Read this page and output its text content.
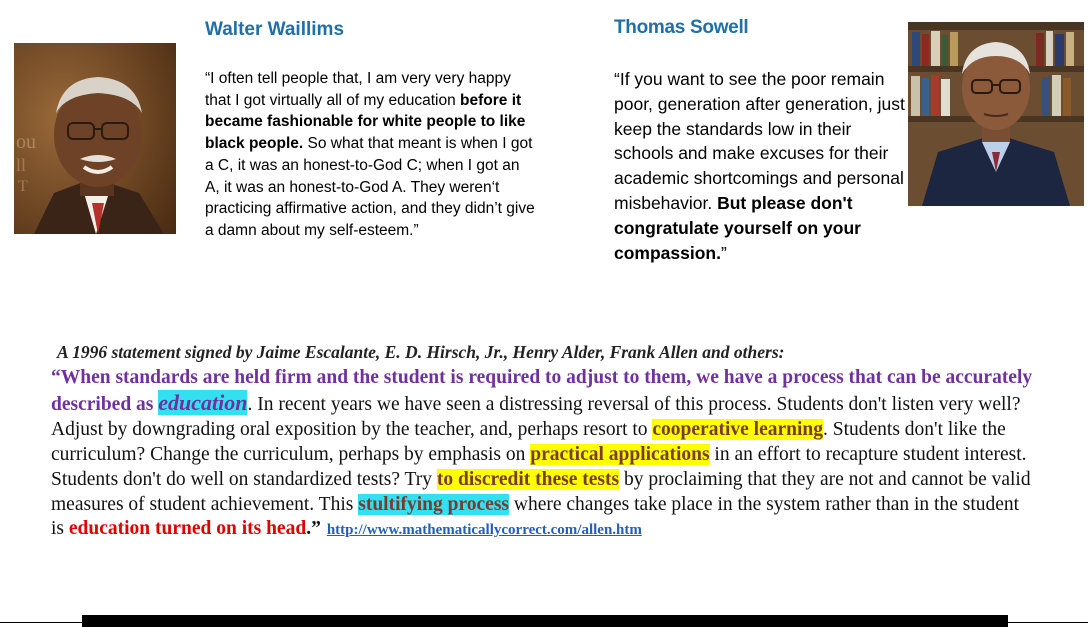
Walter Waillims	Thomas Sowell
ou
ll
T

“I often tell people that, I am very very happy that I got virtually all of my education before it became fashionable for white people to like black people. So what that meant is when I got a C, it was an honest-to-God C; when I got an A, it was an honest-to-God A. They weren‘t practicing affirmative action, and they didn’t give a damn about my self-esteem.”

“If you want to see the poor remain poor, generation after generation, just keep the standards low in their schools and make excuses for their academic shortcomings and personal misbehavior. But please don't congratulate yourself on your compassion.”

A 1996 statement signed by Jaime Escalante, E. D. Hirsch, Jr., Henry Alder, Frank Allen and others:

“When standards are held firm and the student is required to adjust to them, we have a process that can be accurately described as education. In recent years we have seen a distressing reversal of this process. Students don't listen very well? Adjust by downgrading oral exposition by the teacher, and, perhaps resort to cooperative learning. Students don't like the curriculum? Change the curriculum, perhaps by emphasis on practical applications in an effort to recapture student interest. Students don't do well on standardized tests? Try to discredit these tests by proclaiming that they are not and cannot be valid measures of student achievement. This stultifying process where changes take place in the system rather than in the student is education turned on its head.” http://www.mathematicallycorrect.com/allen.htm
